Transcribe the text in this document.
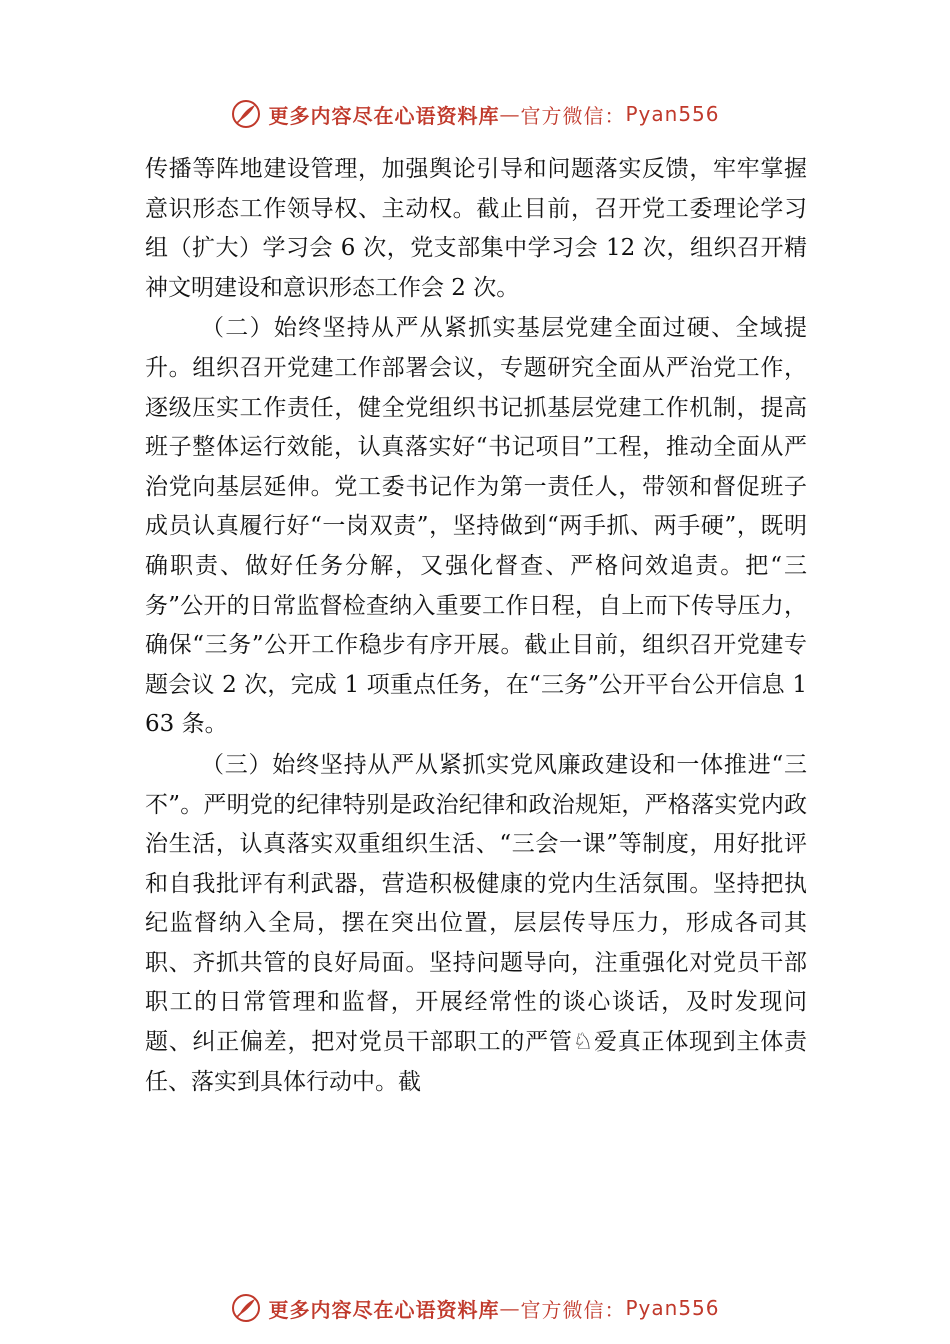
更多内容尽在心语资料库 — 官方微信： Pyan556

传播等阵地建设管理，加强舆论引导和问题落实反馈，牢牢掌握意识形态工作领导权、主动权。截止目前，召开党工委理论学习组（扩大）学习会 6 次，党支部集中学习会 12 次，组织召开精神文明建设和意识形态工作会 2 次。

（二）始终坚持从严从紧抓实基层党建全面过硬、全域提升。组织召开党建工作部署会议，专题研究全面从严治党工作，逐级压实工作责任，健全党组织书记抓基层党建工作机制，提高班子整体运行效能，认真落实好“书记项目”工程，推动全面从严治党向基层延伸。党工委书记作为第一责任人，带领和督促班子成员认真履行好“一岗双责”，坚持做到“两手抓、两手硬”，既明确职责、做好任务分解，又强化督查、严格问效追责。把“三务”公开的日常监督检查纳入重要工作日程，自上而下传导压力，确保“三务”公开工作稳步有序开展。截止目前，组织召开党建专题会议 2 次，完成 1 项重点任务，在“三务”公开平台公开信息 163 条。

（三）始终坚持从严从紧抓实党风廉政建设和一体推进“三不”。严明党的纪律特别是政治纪律和政治规矩，严格落实党内政治生活，认真落实双重组织生活、“三会一课”等制度，用好批评和自我批评有利武器，营造积极健康的党内生活氛围。坚持把执纪监督纳入全局，摆在突出位置，层层传导压力，形成各司其职、齐抓共管的良好局面。坚持问题导向，注重强化对党员干部职工的日常管理和监督，开展经常性的谈心谈话，及时发现问题、纠正偏差，把对党员干部职工的严管♘爱真正体现到主体责任、落实到具体行动中。截

更多内容尽在心语资料库 — 官方微信： Pyan556
